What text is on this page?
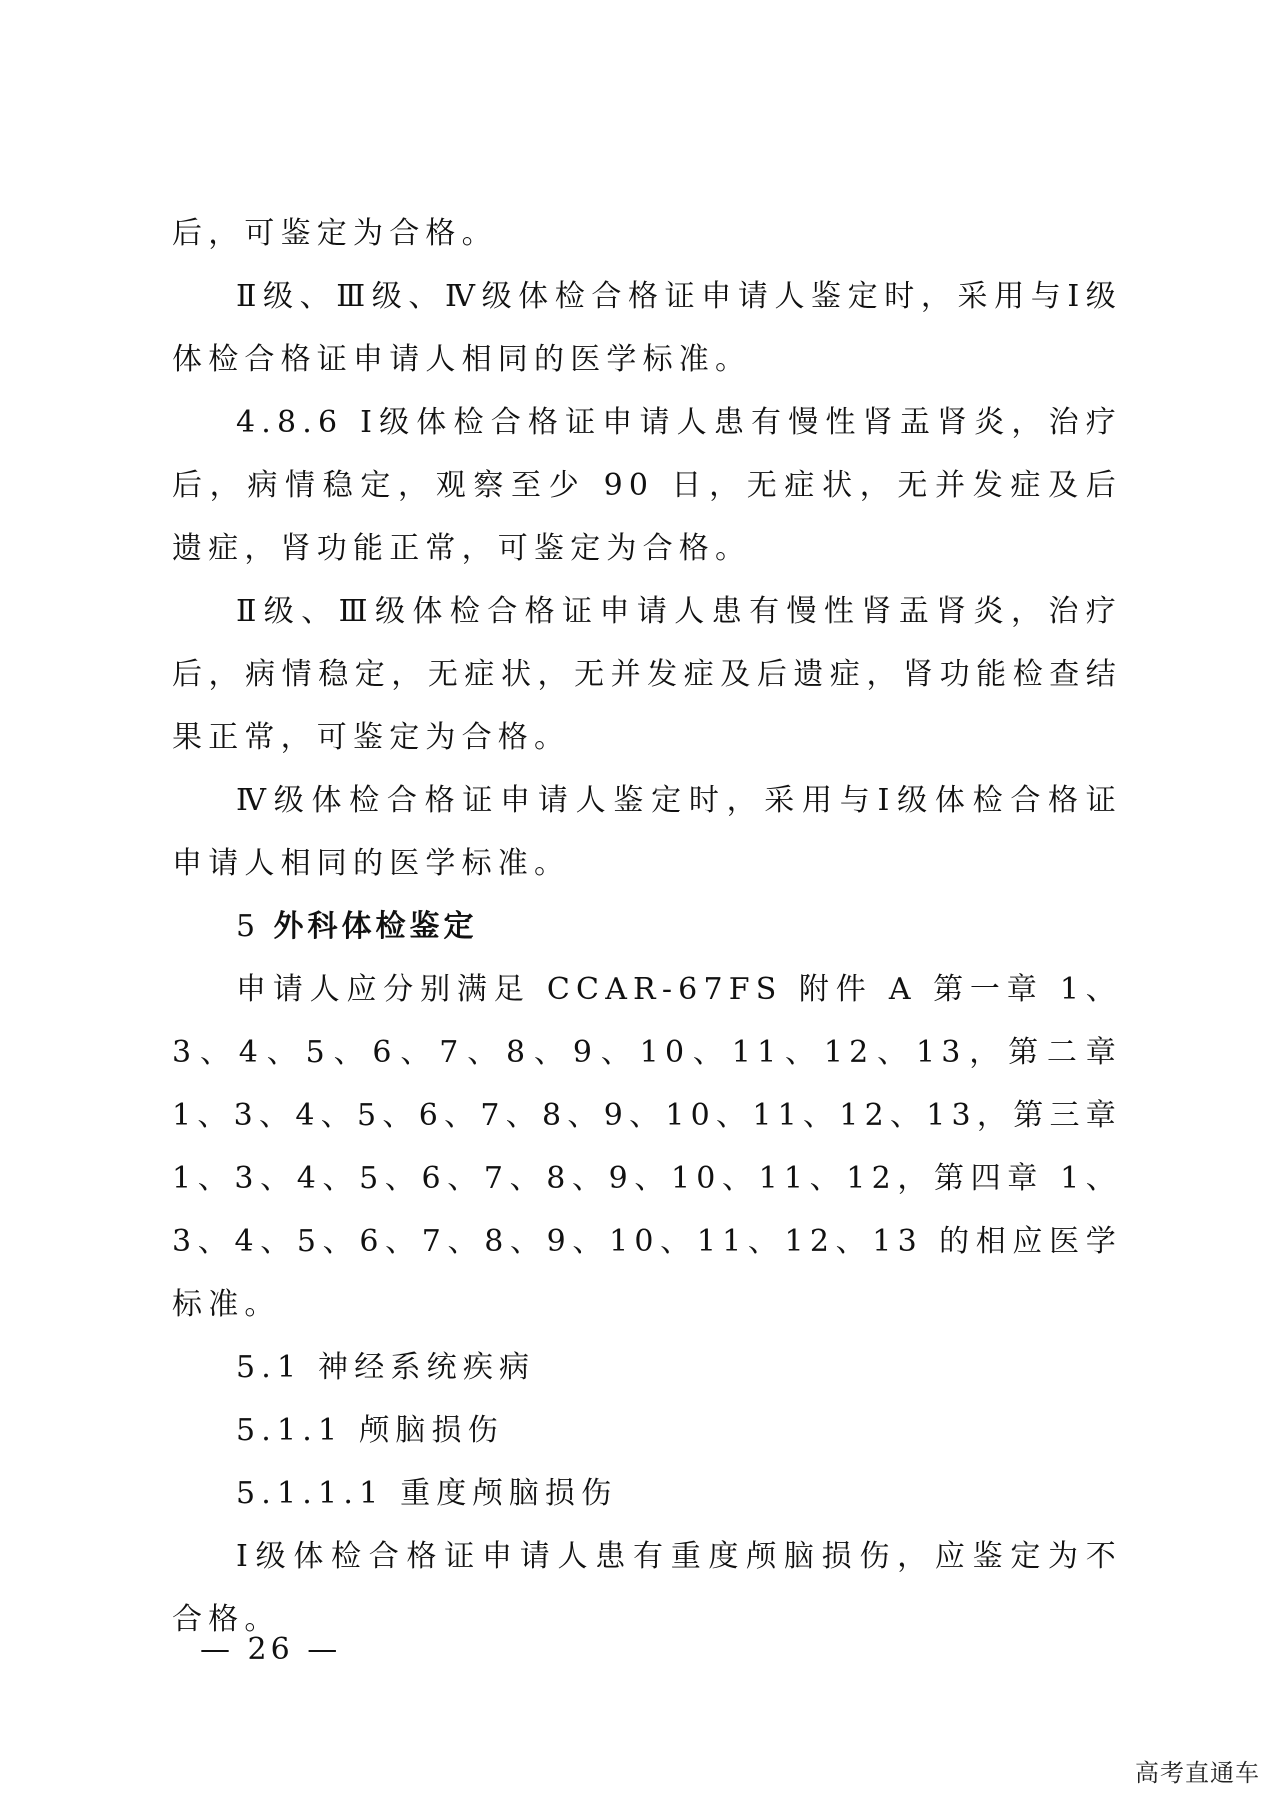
后，可鉴定为合格。

Ⅱ级、Ⅲ级、Ⅳ级体检合格证申请人鉴定时，采用与Ⅰ级体检合格证申请人相同的医学标准。

4.8.6 Ⅰ级体检合格证申请人患有慢性肾盂肾炎，治疗后，病情稳定，观察至少 90 日，无症状，无并发症及后遗症，肾功能正常，可鉴定为合格。

Ⅱ级、Ⅲ级体检合格证申请人患有慢性肾盂肾炎，治疗后，病情稳定，无症状，无并发症及后遗症，肾功能检查结果正常，可鉴定为合格。

Ⅳ级体检合格证申请人鉴定时，采用与Ⅰ级体检合格证申请人相同的医学标准。

5 外科体检鉴定

申请人应分别满足 CCAR-67FS 附件 A 第一章 1、3、4、5、6、7、8、9、10、11、12、13，第二章 1、3、4、5、6、7、8、9、10、11、12、13，第三章 1、3、4、5、6、7、8、9、10、11、12，第四章 1、3、4、5、6、7、8、9、10、11、12、13 的相应医学标准。

5.1 神经系统疾病

5.1.1 颅脑损伤

5.1.1.1 重度颅脑损伤

Ⅰ级体检合格证申请人患有重度颅脑损伤，应鉴定为不合格。

— 26 —
高考直通车
